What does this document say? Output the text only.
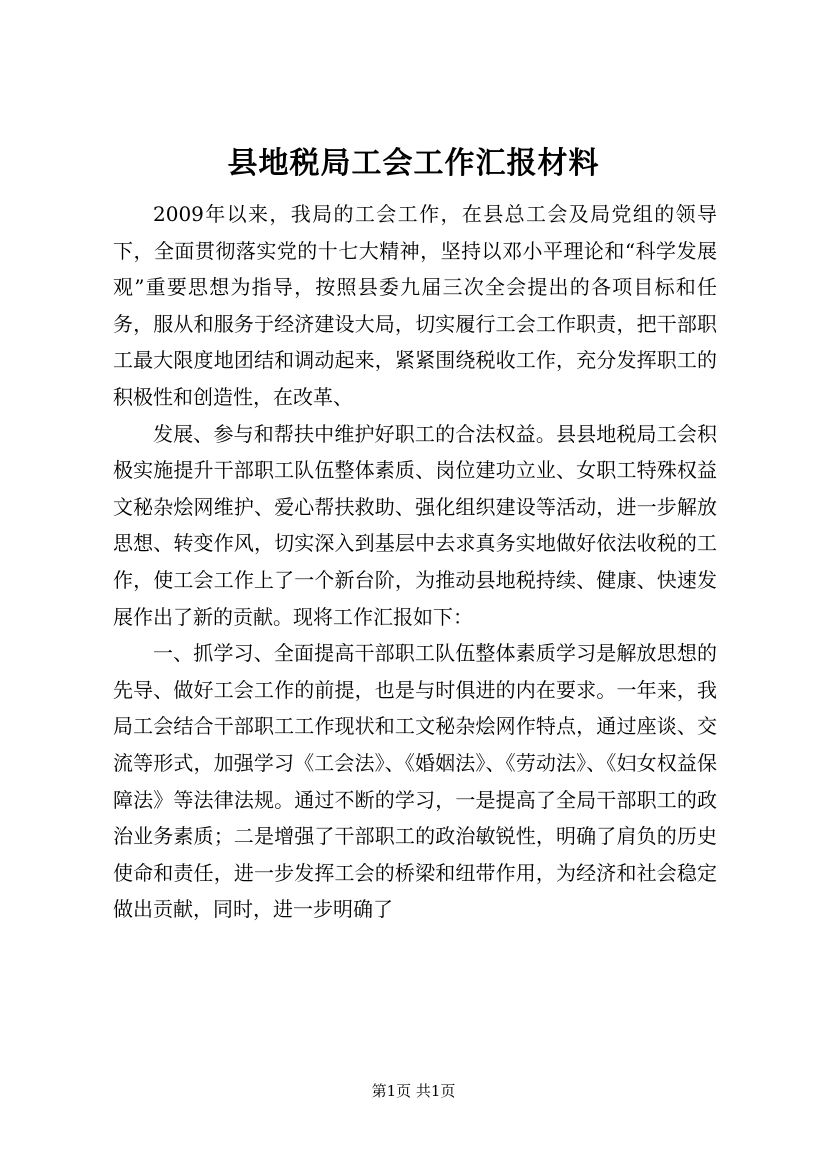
县地税局工会工作汇报材料

2009年以来，我局的工会工作，在县总工会及局党组的领导下，全面贯彻落实党的十七大精神，坚持以邓小平理论和“科学发展观”重要思想为指导，按照县委九届三次全会提出的各项目标和任务，服从和服务于经济建设大局，切实履行工会工作职责，把干部职工最大限度地团结和调动起来，紧紧围绕税收工作，充分发挥职工的积极性和创造性，在改革、

发展、参与和帮扶中维护好职工的合法权益。县县地税局工会积极实施提升干部职工队伍整体素质、岗位建功立业、女职工特殊权益文秘杂烩网维护、爱心帮扶救助、强化组织建设等活动，进一步解放思想、转变作风，切实深入到基层中去求真务实地做好依法收税的工作，使工会工作上了一个新台阶，为推动县地税持续、健康、快速发展作出了新的贡献。现将工作汇报如下：

一、抓学习、全面提高干部职工队伍整体素质学习是解放思想的先导、做好工会工作的前提，也是与时俱进的内在要求。一年来，我局工会结合干部职工工作现状和工文秘杂烩网作特点，通过座谈、交流等形式，加强学习《工会法》、《婚姻法》、《劳动法》、《妇女权益保障法》等法律法规。通过不断的学习，一是提高了全局干部职工的政治业务素质；二是增强了干部职工的政治敏锐性，明确了肩负的历史使命和责任，进一步发挥工会的桥梁和纽带作用，为经济和社会稳定做出贡献，同时，进一步明确了

第1页 共1页
